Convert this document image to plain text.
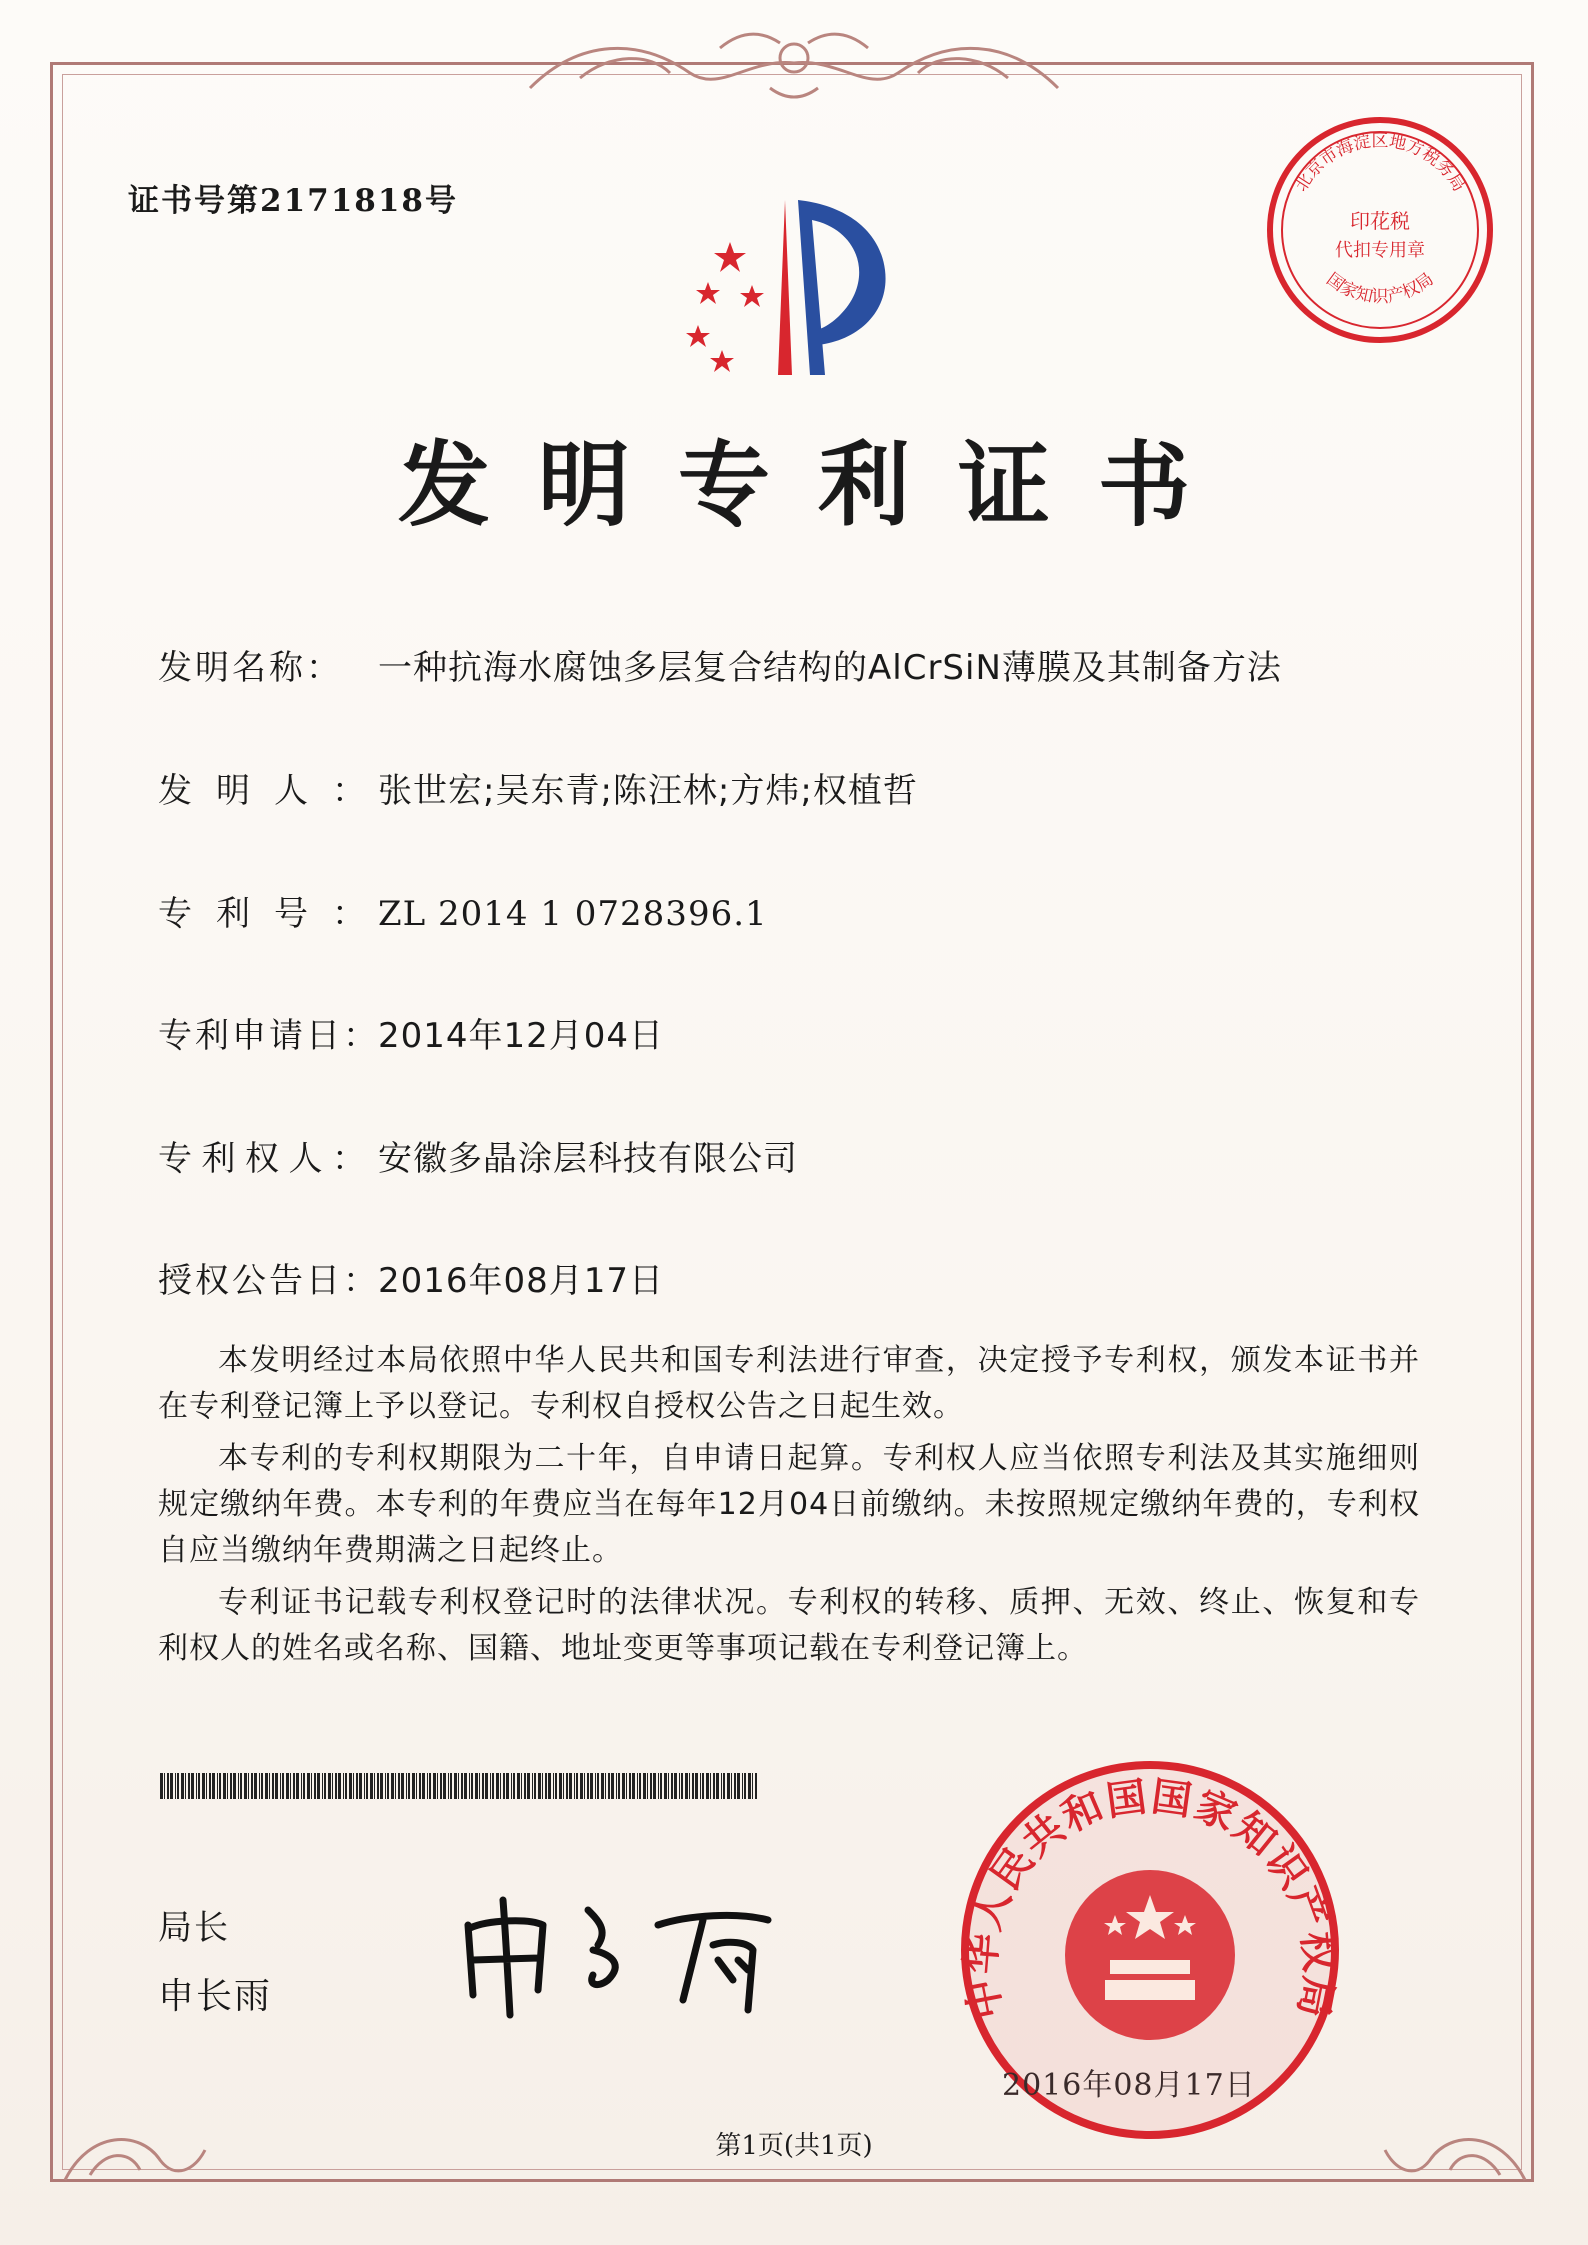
证书号第2171818号
北京市海淀区地方税务局
印花税
代扣专用章
国家知识产权局
发明专利证书
发明名称： 一种抗海水腐蚀多层复合结构的AlCrSiN薄膜及其制备方法
发明人： 张世宏;吴东青;陈汪林;方炜;权植哲
专利号： ZL 2014 1 0728396.1
专利申请日：2014年12月04日
专利权人： 安徽多晶涂层科技有限公司
授权公告日：2016年08月17日

本发明经过本局依照中华人民共和国专利法进行审查，决定授予专利权，颁发本证书并在专利登记簿上予以登记。专利权自授权公告之日起生效。

本专利的专利权期限为二十年，自申请日起算。专利权人应当依照专利法及其实施细则规定缴纳年费。本专利的年费应当在每年12月04日前缴纳。未按照规定缴纳年费的，专利权自应当缴纳年费期满之日起终止。

专利证书记载专利权登记时的法律状况。专利权的转移、质押、无效、终止、恢复和专利权人的姓名或名称、国籍、地址变更等事项记载在专利登记簿上。

局长
申长雨	中华人民共和国国家知识产权局
2016年08月17日
第1页(共1页)
